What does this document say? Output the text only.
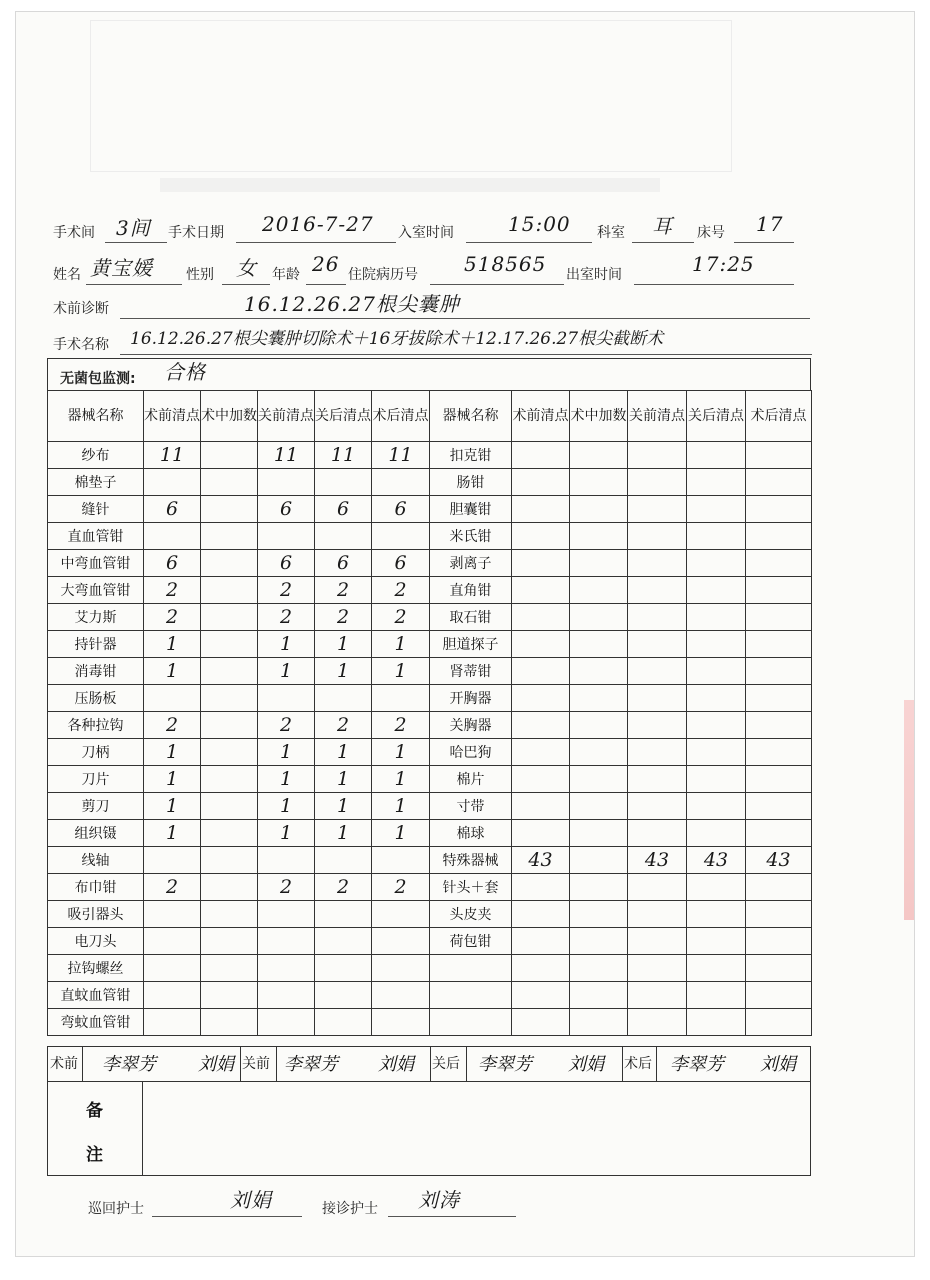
手术间 3间 手术日期 2016-7-27 入室时间	15:00 科室 耳 床号 17
姓名 黄宝媛 性别 女 年龄 26 住院病历号 518565 出室时间	17:25
术前诊断	16.12.26.27根尖囊肿
手术名称 16.12.26.27根尖囊肿切除术＋16牙拔除术＋12.17.26.27根尖截断术
无菌包监测: 合格
器械名称	术前清点	术中加数	关前清点	关后清点	术后清点	器械名称	术前清点	术中加数	关前清点	关后清点	术后清点
纱布	11		11	11	11	扣克钳					
棉垫子						肠钳					
缝针	6		6	6	6	胆囊钳					
直血管钳						米氏钳					
中弯血管钳	6		6	6	6	剥离子					
大弯血管钳	2		2	2	2	直角钳					
艾力斯	2		2	2	2	取石钳					
持针器	1		1	1	1	胆道探子					
消毒钳	1		1	1	1	肾蒂钳					
压肠板						开胸器					
各种拉钩	2		2	2	2	关胸器					
刀柄	1		1	1	1	哈巴狗					
刀片	1		1	1	1	棉片					
剪刀	1		1	1	1	寸带					
组织镊	1		1	1	1	棉球					
线轴						特殊器械	43		43	43	43
布巾钳	2		2	2	2	针头＋套					
吸引器头						头皮夹					
电刀头						荷包钳					
拉钩螺丝											
直蚊血管钳											
弯蚊血管钳											
术前 李翠芳 刘娟 关前 李翠芳 刘娟 关后 李翠芳 刘娟 术后 李翠芳 刘娟
备
注
巡回护士	刘娟	接诊护士 刘涛
